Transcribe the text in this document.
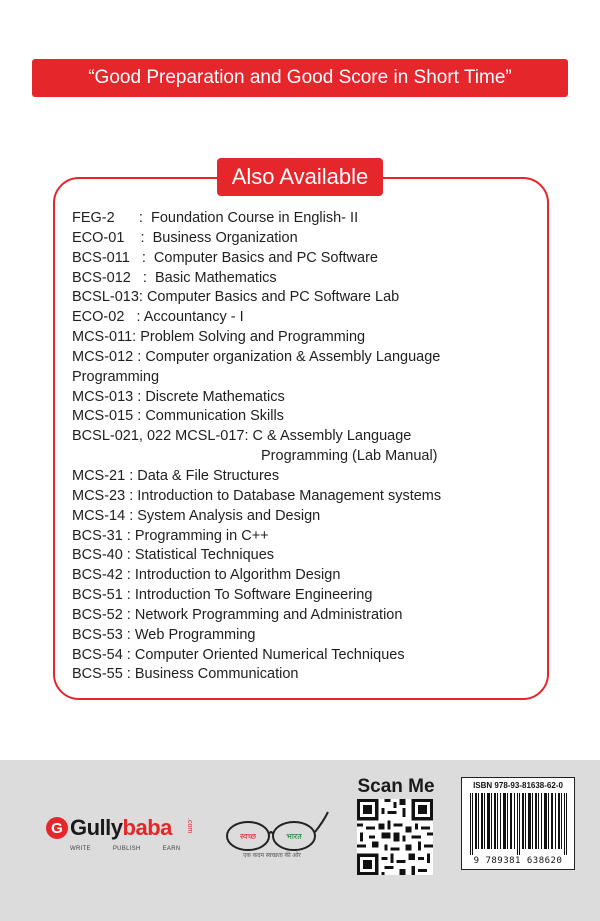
“Good Preparation and Good Score in Short Time”
Also Available
FEG-2      :  Foundation Course in English- II
ECO-01    :  Business Organization
BCS-011   :  Computer Basics and PC Software
BCS-012   :  Basic Mathematics
BCSL-013: Computer Basics and PC Software Lab
ECO-02   : Accountancy - I
MCS-011: Problem Solving and Programming
MCS-012 : Computer organization & Assembly Language
Programming
MCS-013 : Discrete Mathematics
MCS-015 : Communication Skills
BCSL-021, 022 MCSL-017: C & Assembly Language
Programming (Lab Manual)
MCS-21 : Data & File Structures
MCS-23 : Introduction to Database Management systems
MCS-14 : System Analysis and Design
BCS-31 : Programming in C++
BCS-40 : Statistical Techniques
BCS-42 : Introduction to Algorithm Design
BCS-51 : Introduction To Software Engineering
BCS-52 : Network Programming and Administration
BCS-53 : Web Programming
BCS-54 : Computer Oriented Numerical Techniques
BCS-55 : Business Communication
G Gullybaba .com
WRITE	PUBLISH	EARN
स्वच्छ	भारत
एक कदम स्वच्छता की ओर
Scan Me	ISBN 978-93-81638-62-0
9 789381 638620
